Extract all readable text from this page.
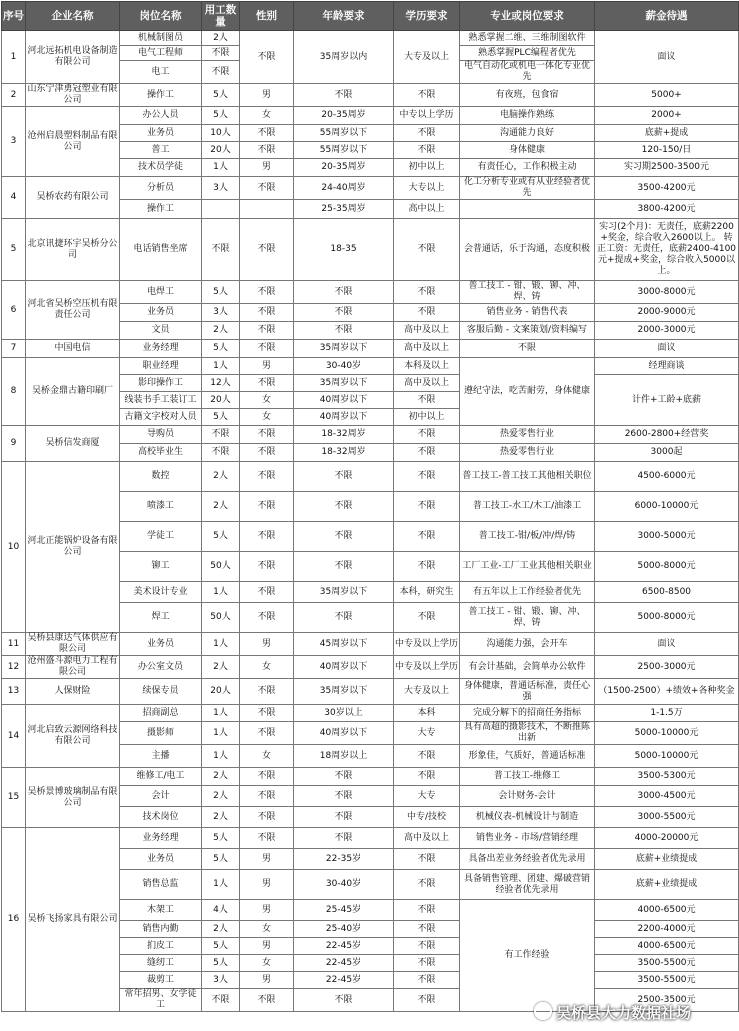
序号	企业名称	岗位名称	用工数量	性别	年龄要求	学历要求	专业或岗位要求	薪金待遇
1	河北远拓机电设备制造有限公司	机械制图员	2人	不限	35周岁以内	大专及以上	熟悉掌握二维、三维制图软件	面议
		电气工程师	不限				熟悉掌握PLC编程者优先	
		电工	不限				电气自动化或机电一体化专业优先	
2	山东宁津勇冠塑业有限公司	操作工	5人	男	不限	不限	有夜班，包食宿	5000+
3	沧州启晨塑料制品有限公司	办公人员	5人	女	20-35周岁	中专以上学历	电脑操作熟练	2000+
		业务员	10人	不限	55周岁以下	不限	沟通能力良好	底薪+提成
		普工	20人	不限	55周岁以下	不限	身体健康	120-150/日
		技术员学徒	1人	男	20-35周岁	初中以上	有责任心，工作积极主动	实习期2500-3500元
4	吴桥农药有限公司	分析员	3人	不限	24-40周岁	大专以上	化工分析专业或有从业经验者优先	3500-4200元
		操作工			25-35周岁	高中以上		3800-4200元
5	北京讯捷环宇吴桥分公司	电话销售坐席	不限	不限	18-35	不限	会普通话，乐于沟通，态度积极	实习(2个月)：无责任，底薪2200+奖金，综合收入2600以上。 转正工资：无责任，底薪2400-4100元+提成+奖金，综合收入5000以上。
6	河北省吴桥空压机有限责任公司	电焊工	5人	不限	不限	不限	普工技工 - 钳、锻、铆、冲、焊、铸	3000-8000元
		业务员	3人	不限	不限	不限	销售业务 - 销售代表	2000-9000元
		文员	2人	不限	不限	高中及以上	客服后勤 - 文案策划/资料编写	2000-3000元
7	中国电信	业务经理	5人	不限	35周岁以下	高中及以上	不限	面议
8	吴桥金鼎古籍印刷厂	职业经理	1人	男	30-40岁	本科及以上	遵纪守法，吃苦耐劳，身体健康	经理商谈
		影印操作工	12人	不限	35周岁以下	高中及以上		计件+工龄+底薪
		线装书手工装订工	20人	女	40周岁以下	不限		
		古籍文字校对人员	5人	女	40周岁以下	初中以上		
9	吴桥信发商厦	导购员	不限	不限	18-32周岁	不限	热爱零售行业	2600-2800+经营奖
		高校毕业生	不限	不限	18-32周岁	不限	热爱零售行业	3000起
10	河北正能锅炉设备有限公司	数控	2人	不限	不限	不限	普工技工-普工技工其他相关职位	4500-6000元
		喷漆工	2人	不限	不限	不限	普工技工-水工/木工/油漆工	6000-10000元
		学徒工	5人	不限	不限	不限	普工技工-钳/板/冲/焊/铸	3000-5000元
		铆工	50人	不限	不限	不限	工厂工业-工厂工业其他相关职业	5000-8000元
		美术设计专业	1人	不限	35周岁以下	本科，研究生	有五年以上工作经验者优先	6500-8500
		焊工	50人	不限	不限	不限	普工技工 - 钳、锻、铆、冲、焊、铸	5000-8000元
11	吴桥县康达气体供应有限公司	业务员	1人	男	45周岁以下	中专及以上学历	沟通能力强，会开车	面议
12	沧州盛斗源电力工程有限公司	办公室文员	2人	女	40周岁以下	中专及以上学历	有会计基础，会简单办公软件	2500-3000元
13	人保财险	续保专员	20人	不限	35周岁以下	大专及以上	身体健康，普通话标准，责任心强	（1500-2500）+绩效+各种奖金
14	河北启致云源网络科技有限公司	招商副总	1人	不限	30岁以上	本科	完成分解下的招商任务指标	1-1.5万
		摄影师	1人	不限	40周岁以下	大专	具有高超的摄影技术，不断推陈出新	5000-10000元
		主播	1人	女	18周岁以上	不限	形象佳，气质好，普通话标准	5000-10000元
15	吴桥景博玻璃制品有限公司	维修工/电工	2人	不限	不限	不限	普工技工-维修工	3500-5300元
		会计	2人	不限	不限	大专	会计财务-会计	3000-4500元
		技术岗位	2人	不限	不限	中专/技校	机械仪表-机械设计与制造	3000-5500元
16	吴桥飞扬家具有限公司	业务经理	5人	不限	不限	高中及以上	销售业务 - 市场/营销经理	4000-20000元
		业务员	5人	男	22-35岁	不限	具备出差业务经验者优先录用	底薪+业绩提成
		销售总监	1人	男	30-40岁	不限	具备销售管理、团建、爆破营销经验者优先录用	底薪+业绩提成
		木架工	4人	男	25-45岁	不限	有工作经验	4000-6500元
		销售内勤	2人	女	25-40岁	不限		2200-4000元
		扪皮工	5人	男	22-45岁	不限		4000-6500元
		缝纫工	5人	女	22-45岁	不限		3500-5500元
		裁剪工	3人	男	22-45岁	不限		3500-5500元
		常年招男、女学徒工	不限	不限	不限	不限		2500-3500元
吴桥县大力数据社场
